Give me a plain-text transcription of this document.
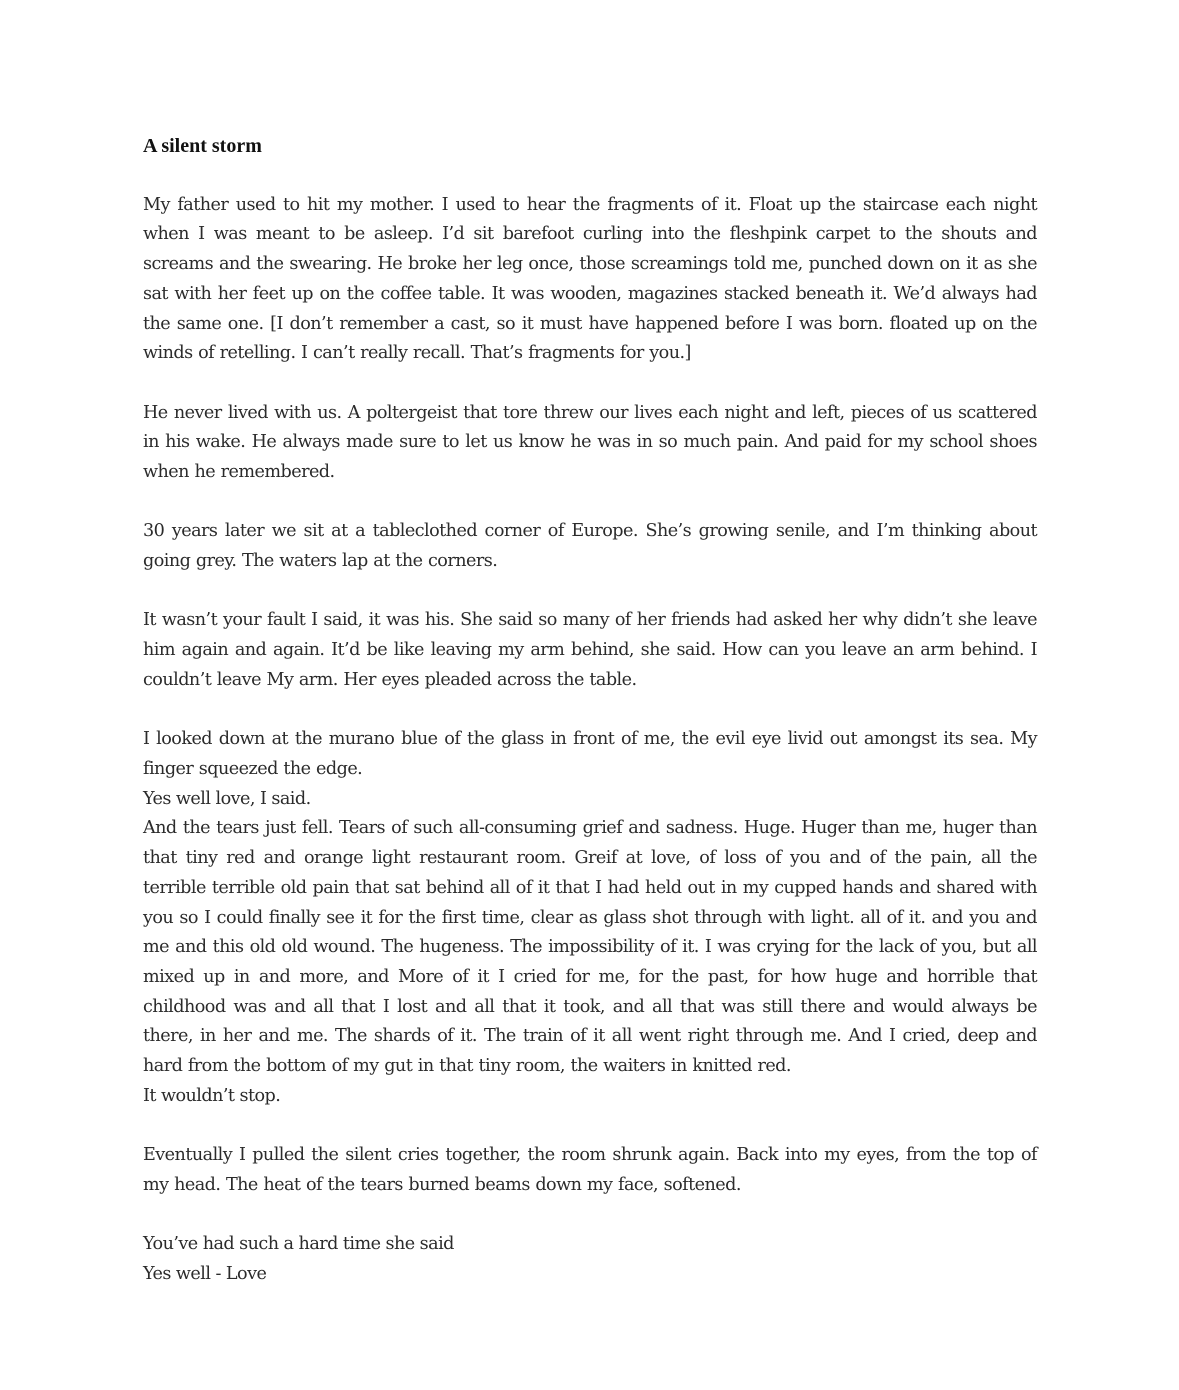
A silent storm

My father used to hit my mother. I used to hear the fragments of it. Float up the staircase each night when I was meant to be asleep. I’d sit barefoot curling into the fleshpink carpet to the shouts and screams and the swearing. He broke her leg once, those screamings told me, punched down on it as she sat with her feet up on the coffee table. It was wooden, magazines stacked beneath it. We’d always had the same one. [I don’t remember a cast, so it must have happened before I was born. floated up on the winds of retelling. I can’t really recall. That’s fragments for you.]

He never lived with us. A poltergeist that tore threw our lives each night and left, pieces of us scattered in his wake. He always made sure to let us know he was in so much pain. And paid for my school shoes when he remembered.

30 years later we sit at a tableclothed corner of Europe. She’s growing senile, and I’m thinking about going grey. The waters lap at the corners.

It wasn’t your fault I said, it was his. She said so many of her friends had asked her why didn’t she leave him again and again. It’d be like leaving my arm behind, she said. How can you leave an arm behind. I couldn’t leave My arm. Her eyes pleaded across the table.

I looked down at the murano blue of the glass in front of me, the evil eye livid out amongst its sea. My finger squeezed the edge.

Yes well love, I said.

And the tears just fell. Tears of such all-consuming grief and sadness. Huge. Huger than me, huger than that tiny red and orange light restaurant room. Greif at love, of loss of you and of the pain, all the terrible terrible old pain that sat behind all of it that I had held out in my cupped hands and shared with you so I could finally see it for the first time, clear as glass shot through with light. all of it. and you and me and this old old wound. The hugeness. The impossibility of it. I was crying for the lack of you, but all mixed up in and more, and More of it I cried for me, for the past, for how huge and horrible that childhood was and all that I lost and all that it took, and all that was still there and would always be there, in her and me. The shards of it. The train of it all went right through me. And I cried, deep and hard from the bottom of my gut in that tiny room, the waiters in knitted red.

It wouldn’t stop.

Eventually I pulled the silent cries together, the room shrunk again. Back into my eyes, from the top of my head. The heat of the tears burned beams down my face, softened.

You’ve had such a hard time she said

Yes well - Love
